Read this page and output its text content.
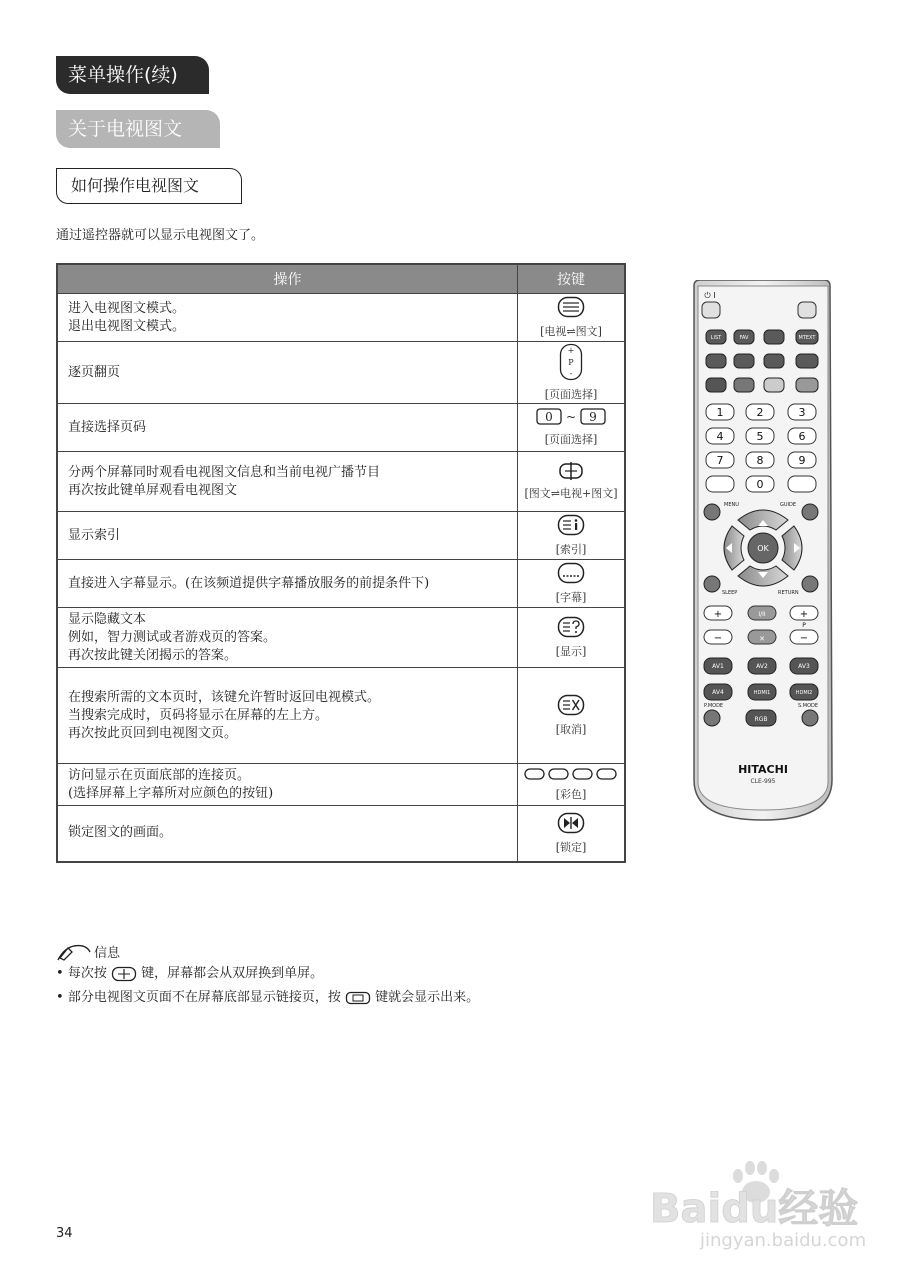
菜单操作(续)
关于电视图文
如何操作电视图文
通过遥控器就可以显示电视图文了。
操作	按键

进入电视图文模式。
退出电视图文模式。	[电视⇌图文]

逐页翻页	+
-
P
[页面选择]

直接选择页码	0 ~ 9
[页面选择]

分两个屏幕同时观看电视图文信息和当前电视广播节目
再次按此键单屏观看电视图文	[图文⇌电视+图文]

显示索引	[索引]

直接进入字幕显示。(在该频道提供字幕播放服务的前提条件下)	[字幕]

显示隐藏文本
例如，智力测试或者游戏页的答案。
再次按此键关闭揭示的答案。	[显示]

在搜索所需的文本页时，该键允许暂时返回电视模式。
当搜索完成时，页码将显示在屏幕的左上方。
再次按此页回到电视图文页。	[取消]

访问显示在页面底部的连接页。
(选择屏幕上字幕所对应颜色的按钮)	[彩色]

锁定图文的画面。	[锁定]
⏻ I
LIST	FAV	MTEXT
1	2	3
4	5	6
7	8	9
0
MENU	GUIDE
OK
SLEEP	RETURN
+
−
I/II
✕
+
−
P
AV1	AV2	AV3
AV4	HDMI1	HDMI2
P.MODE	S.MODE
RGB
HITACHI
CLE-995
信息
• 每次按	键，屏幕都会从双屏换到单屏。
• 部分电视图文页面不在屏幕底部显示链接页，按	键就会显示出来。
34
Baidu经验
jingyan.baidu.com
